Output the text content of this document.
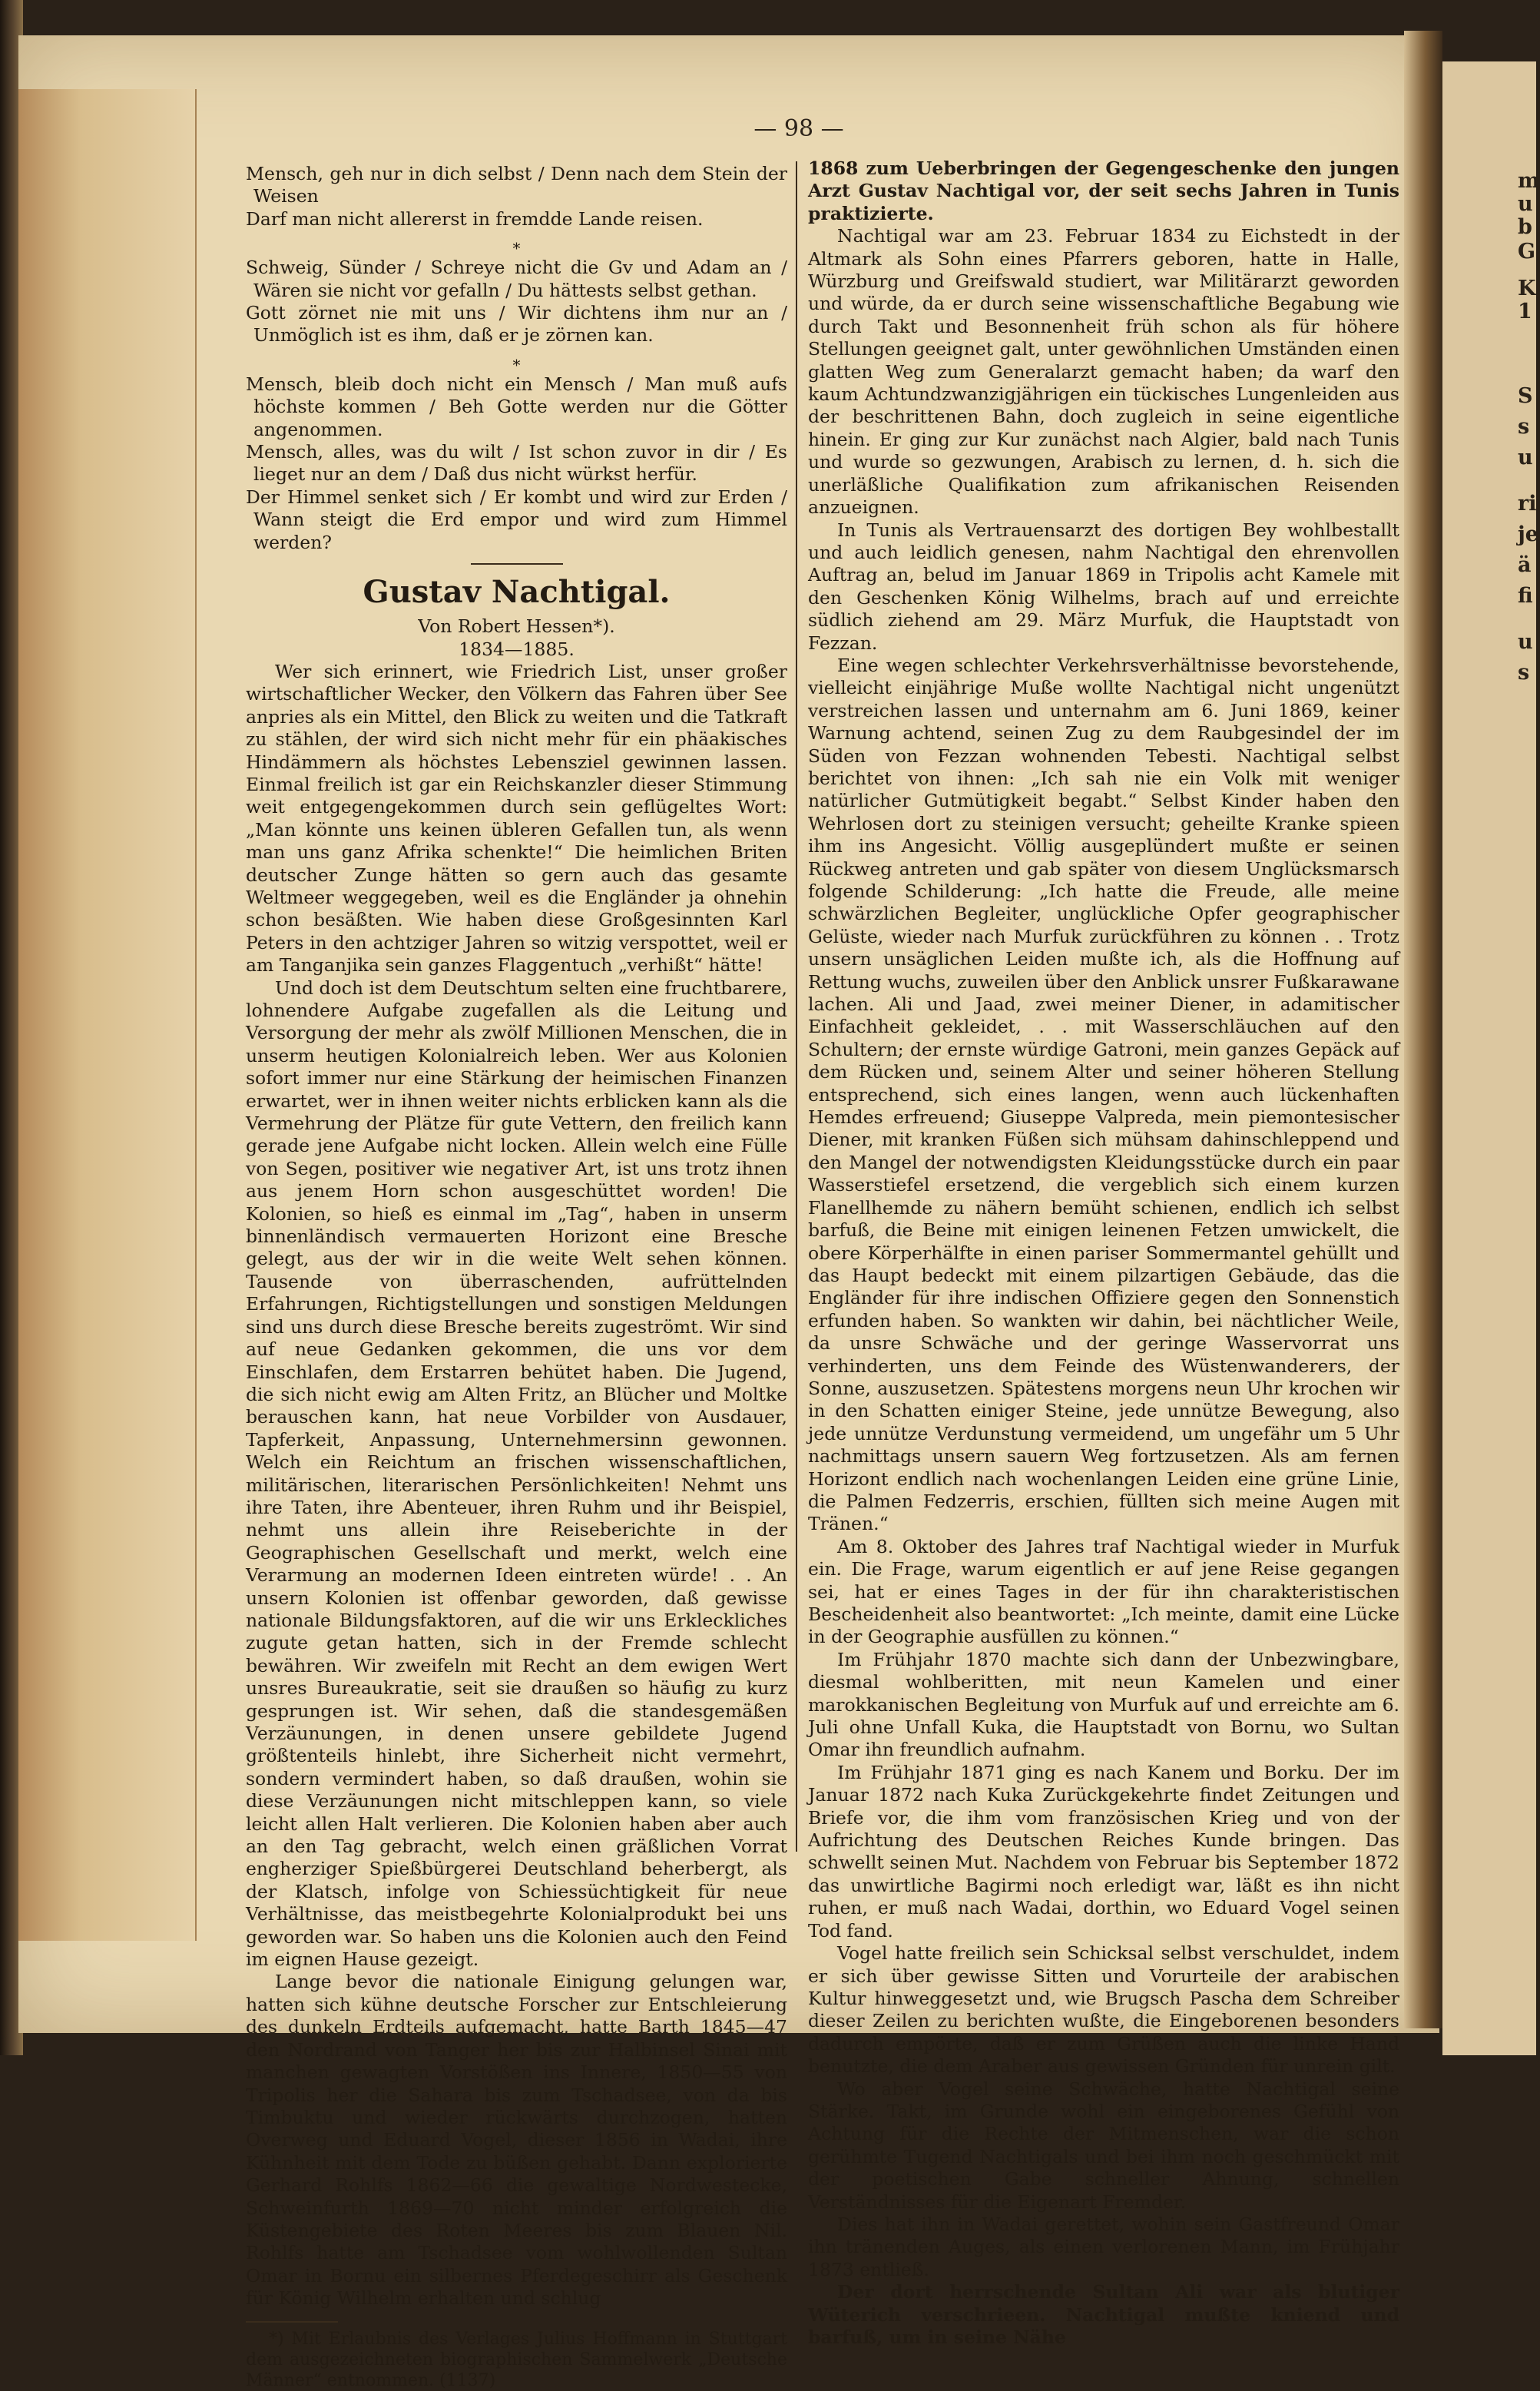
m
u
b
G
K
1
S
s
u
ri
je
ä
fi
u
s
— 98 —

Mensch, geh nur in dich selbst / Denn nach dem Stein der Weisen

Darf man nicht allererst in fremdde Lande reisen.

*

Schweig, Sünder / Schreye nicht die Gv und Adam an / Wären sie nicht vor gefalln / Du hättests selbst gethan.

Gott zörnet nie mit uns / Wir dichtens ihm nur an / Unmöglich ist es ihm, daß er je zörnen kan.

*

Mensch, bleib doch nicht ein Mensch / Man muß aufs höchste kommen / Beh Gotte werden nur die Götter angenommen.

Mensch, alles, was du wilt / Ist schon zuvor in dir / Es lieget nur an dem / Daß dus nicht würkst herfür.

Der Himmel senket sich / Er kombt und wird zur Erden / Wann steigt die Erd empor und wird zum Himmel werden?

Gustav Nachtigal.

Von Robert Hessen*).

1834—1885.

Wer sich erinnert, wie Friedrich List, unser großer wirtschaftlicher Wecker, den Völkern das Fahren über See anpries als ein Mittel, den Blick zu weiten und die Tatkraft zu stählen, der wird sich nicht mehr für ein phäakisches Hindämmern als höchstes Lebensziel gewinnen lassen. Einmal freilich ist gar ein Reichskanzler dieser Stimmung weit entgegengekommen durch sein geflügeltes Wort: „Man könnte uns keinen übleren Gefallen tun, als wenn man uns ganz Afrika schenkte!“ Die heimlichen Briten deutscher Zunge hätten so gern auch das gesamte Weltmeer weggegeben, weil es die Engländer ja ohnehin schon besäßten. Wie haben diese Großgesinnten Karl Peters in den achtziger Jahren so witzig verspottet, weil er am Tanganjika sein ganzes Flaggentuch „verhißt“ hätte!

Und doch ist dem Deutschtum selten eine fruchtbarere, lohnendere Aufgabe zugefallen als die Leitung und Versorgung der mehr als zwölf Millionen Menschen, die in unserm heutigen Kolonialreich leben. Wer aus Kolonien sofort immer nur eine Stärkung der heimischen Finanzen erwartet, wer in ihnen weiter nichts erblicken kann als die Vermehrung der Plätze für gute Vettern, den freilich kann gerade jene Aufgabe nicht locken. Allein welch eine Fülle von Segen, positiver wie negativer Art, ist uns trotz ihnen aus jenem Horn schon ausgeschüttet worden! Die Kolonien, so hieß es einmal im „Tag“, haben in unserm binnenländisch vermauerten Horizont eine Bresche gelegt, aus der wir in die weite Welt sehen können. Tausende von überraschenden, aufrüttelnden Erfahrungen, Richtigstellungen und sonstigen Meldungen sind uns durch diese Bresche bereits zugeströmt. Wir sind auf neue Gedanken gekommen, die uns vor dem Einschlafen, dem Erstarren behütet haben. Die Jugend, die sich nicht ewig am Alten Fritz, an Blücher und Moltke berauschen kann, hat neue Vorbilder von Ausdauer, Tapferkeit, Anpassung, Unternehmersinn gewonnen. Welch ein Reichtum an frischen wissenschaftlichen, militärischen, literarischen Persönlichkeiten! Nehmt uns ihre Taten, ihre Abenteuer, ihren Ruhm und ihr Beispiel, nehmt uns allein ihre Reiseberichte in der Geographischen Gesellschaft und merkt, welch eine Verarmung an modernen Ideen eintreten würde! . . An unsern Kolonien ist offenbar geworden, daß gewisse nationale Bildungsfaktoren, auf die wir uns Erkleckliches zugute getan hatten, sich in der Fremde schlecht bewähren. Wir zweifeln mit Recht an dem ewigen Wert unsres Bureaukratie, seit sie draußen so häufig zu kurz gesprungen ist. Wir sehen, daß die standesgemäßen Verzäunungen, in denen unsere gebildete Jugend größtenteils hinlebt, ihre Sicherheit nicht vermehrt, sondern vermindert haben, so daß draußen, wohin sie diese Verzäunungen nicht mitschleppen kann, so viele leicht allen Halt verlieren. Die Kolonien haben aber auch an den Tag gebracht, welch einen gräßlichen Vorrat engherziger Spießbürgerei Deutschland beherbergt, als der Klatsch, infolge von Schiessüchtigkeit für neue Verhältnisse, das meistbegehrte Kolonialprodukt bei uns geworden war. So haben uns die Kolonien auch den Feind im eignen Hause gezeigt.

Lange bevor die nationale Einigung gelungen war, hatten sich kühne deutsche Forscher zur Entschleierung des dunkeln Erdteils aufgemacht, hatte Barth 1845—47 den Nordrand von Tanger her bis zur Halbinsel Sinai mit manchen gewagten Vorstößen ins Innere, 1850—55 von Tripolis her die Sahara bis zum Tschadsee, von da bis Timbuktu und wieder rückwärts durchzogen, hatten Overweg und Eduard Vogel, dieser 1856 in Wadai, ihre Kühnheit mit dem Tode zu büßen gehabt. Dann explorierte Gerhard Rohlfs 1862—66 die gewaltige Nordwestecke, Schweinfurth 1869—70 nicht minder erfolgreich die Küstengebiete des Roten Meeres bis zum Blauen Nil. Rohlfs hatte am Tschadsee vom wohlwollenden Sultan Omar in Bornu ein silbernes Pferdegeschirr als Geschenk für König Wilhelm erhalten und schlug

*) Mit Erlaubnis des Verlages Julius Hoffmann in Stuttgart dem ausgezeichneten biographischen Sammelwerk „Deutsche Männer“ entnommen. (1137)

1868 zum Ueberbringen der Gegengeschenke den jungen Arzt Gustav Nachtigal vor, der seit sechs Jahren in Tunis praktizierte.

Nachtigal war am 23. Februar 1834 zu Eichstedt in der Altmark als Sohn eines Pfarrers geboren, hatte in Halle, Würzburg und Greifswald studiert, war Militärarzt geworden und würde, da er durch seine wissenschaftliche Begabung wie durch Takt und Besonnenheit früh schon als für höhere Stellungen geeignet galt, unter gewöhnlichen Umständen einen glatten Weg zum Generalarzt gemacht haben; da warf den kaum Achtundzwanzigjährigen ein tückisches Lungenleiden aus der beschrittenen Bahn, doch zugleich in seine eigentliche hinein. Er ging zur Kur zunächst nach Algier, bald nach Tunis und wurde so gezwungen, Arabisch zu lernen, d. h. sich die unerläßliche Qualifikation zum afrikanischen Reisenden anzueignen.

In Tunis als Vertrauensarzt des dortigen Bey wohlbestallt und auch leidlich genesen, nahm Nachtigal den ehrenvollen Auftrag an, belud im Januar 1869 in Tripolis acht Kamele mit den Geschenken König Wilhelms, brach auf und erreichte südlich ziehend am 29. März Murfuk, die Hauptstadt von Fezzan.

Eine wegen schlechter Verkehrsverhältnisse bevorstehende, vielleicht einjährige Muße wollte Nachtigal nicht ungenützt verstreichen lassen und unternahm am 6. Juni 1869, keiner Warnung achtend, seinen Zug zu dem Raubgesindel der im Süden von Fezzan wohnenden Tebesti. Nachtigal selbst berichtet von ihnen: „Ich sah nie ein Volk mit weniger natürlicher Gutmütigkeit begabt.“ Selbst Kinder haben den Wehrlosen dort zu steinigen versucht; geheilte Kranke spieen ihm ins Angesicht. Völlig ausgeplündert mußte er seinen Rückweg antreten und gab später von diesem Unglücksmarsch folgende Schilderung: „Ich hatte die Freude, alle meine schwärzlichen Begleiter, unglückliche Opfer geographischer Gelüste, wieder nach Murfuk zurückführen zu können . . Trotz unsern unsäglichen Leiden mußte ich, als die Hoffnung auf Rettung wuchs, zuweilen über den Anblick unsrer Fußkarawane lachen. Ali und Jaad, zwei meiner Diener, in adamitischer Einfachheit gekleidet, . . mit Wasserschläuchen auf den Schultern; der ernste würdige Gatroni, mein ganzes Gepäck auf dem Rücken und, seinem Alter und seiner höheren Stellung entsprechend, sich eines langen, wenn auch lückenhaften Hemdes erfreuend; Giuseppe Valpreda, mein piemontesischer Diener, mit kranken Füßen sich mühsam dahinschleppend und den Mangel der notwendigsten Kleidungsstücke durch ein paar Wasserstiefel ersetzend, die vergeblich sich einem kurzen Flanellhemde zu nähern bemüht schienen, endlich ich selbst barfuß, die Beine mit einigen leinenen Fetzen umwickelt, die obere Körperhälfte in einen pariser Sommermantel gehüllt und das Haupt bedeckt mit einem pilzartigen Gebäude, das die Engländer für ihre indischen Offiziere gegen den Sonnenstich erfunden haben. So wankten wir dahin, bei nächtlicher Weile, da unsre Schwäche und der geringe Wasservorrat uns verhinderten, uns dem Feinde des Wüstenwanderers, der Sonne, auszusetzen. Spätestens morgens neun Uhr krochen wir in den Schatten einiger Steine, jede unnütze Bewegung, also jede unnütze Verdunstung vermeidend, um ungefähr um 5 Uhr nachmittags unsern sauern Weg fortzusetzen. Als am fernen Horizont endlich nach wochenlangen Leiden eine grüne Linie, die Palmen Fedzerris, erschien, füllten sich meine Augen mit Tränen.“

Am 8. Oktober des Jahres traf Nachtigal wieder in Murfuk ein. Die Frage, warum eigentlich er auf jene Reise gegangen sei, hat er eines Tages in der für ihn charakteristischen Bescheidenheit also beantwortet: „Ich meinte, damit eine Lücke in der Geographie ausfüllen zu können.“

Im Frühjahr 1870 machte sich dann der Unbezwingbare, diesmal wohlberitten, mit neun Kamelen und einer marokkanischen Begleitung von Murfuk auf und erreichte am 6. Juli ohne Unfall Kuka, die Hauptstadt von Bornu, wo Sultan Omar ihn freundlich aufnahm.

Im Frühjahr 1871 ging es nach Kanem und Borku. Der im Januar 1872 nach Kuka Zurückgekehrte findet Zeitungen und Briefe vor, die ihm vom französischen Krieg und von der Aufrichtung des Deutschen Reiches Kunde bringen. Das schwellt seinen Mut. Nachdem von Februar bis September 1872 das unwirtliche Bagirmi noch erledigt war, läßt es ihn nicht ruhen, er muß nach Wadai, dorthin, wo Eduard Vogel seinen Tod fand.

Vogel hatte freilich sein Schicksal selbst verschuldet, indem er sich über gewisse Sitten und Vorurteile der arabischen Kultur hinweggesetzt und, wie Brugsch Pascha dem Schreiber dieser Zeilen zu berichten wußte, die Eingeborenen besonders dadurch empörte, daß er zum Grüßen auch die linke Hand benutzte, die dem Araber aus gewissen Gründen für unrein gilt.

Wo aber Vogel seine Schwäche, hatte Nachtigal seine Stärke. Takt, im Grunde wohl ein eingeborenes Gefühl von Achtung für die Rechte der Mitmenschen, war die schon gerühmte Tugend Nachtigals und bei ihm noch geschmückt mit der poetischen Gabe schneller Ahnung, schnellen Verständnisses für die Eigenart Fremder.

Dies hat ihn in Wadai gerettet, wohin sein Gastfreund Omar ihn tränenden Auges, als einen verlorenen Mann, im Frühjahr 1873 entließ.

Der dort herrschende Sultan Ali war als blutiger Wüterich verschrieen. Nachtigal mußte kniend und barfuß, um in seine Nähe
